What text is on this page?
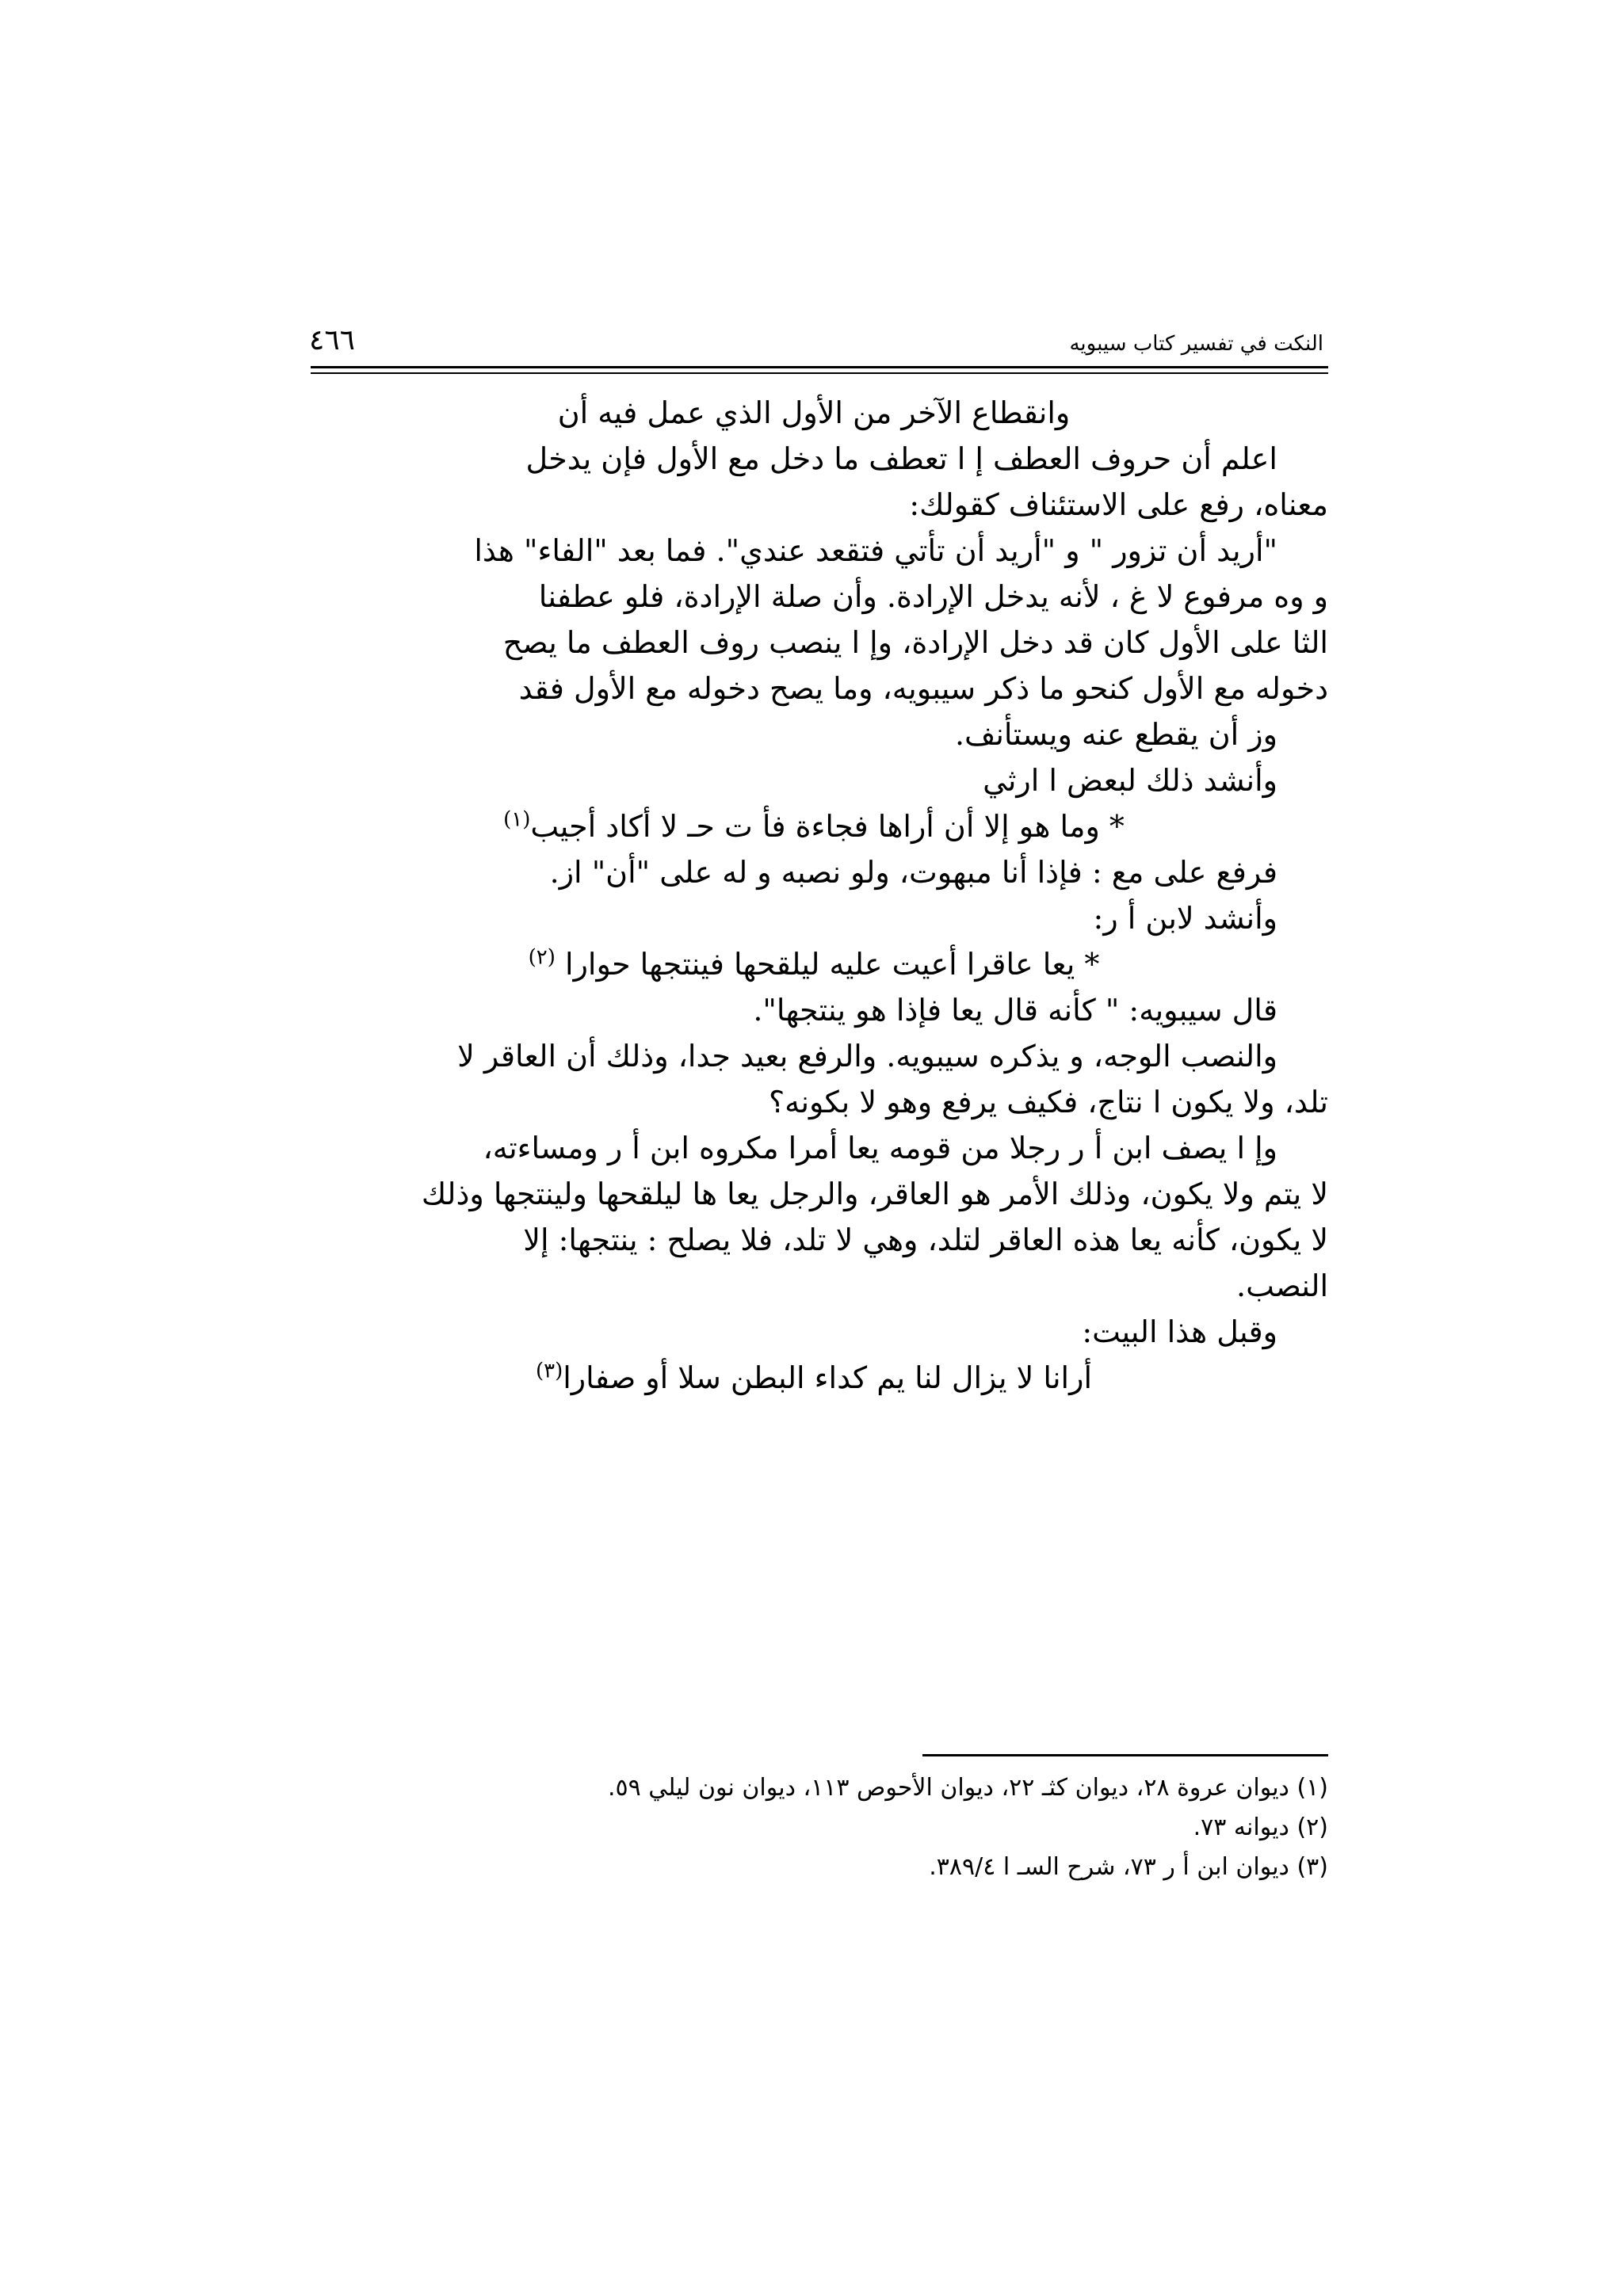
النكت في تفسير كتاب سيبويه
٤٦٦

وانقطاع الآخر من الأول الذي عمل فيه أن

اعلم أن حروف العطف إ ا تعطف ما دخل مع الأول فإن يدخل

معناه، رفع على الاستئناف كقولك:

"أريد أن تزور " و "أريد أن تأتي فتقعد عندي". فما بعد "الفاء" هذا

و وه مرفوع لا غ ، لأنه يدخل الإرادة. وأن صلة الإرادة، فلو عطفنا

الثا على الأول كان قد دخل الإرادة، وإ ا ينصب روف العطف ما يصح

دخوله مع الأول كنحو ما ذكر سيبويه، وما يصح دخوله مع الأول فقد

وز أن يقطع عنه ويستأنف.

وأنشد ذلك لبعض ا ارثي

* وما هو إلا أن أراها فجاءة فأ ت حـ لا أكاد أجيب$^{(١)}$

فرفع على مع : فإذا أنا مبهوت، ولو نصبه و له على "أن" از.

وأنشد لابن أ ر:

* يعا عاقرا أعيت عليه ليلقحها فينتجها حوارا $^{(٢)}$

قال سيبويه: " كأنه قال يعا فإذا هو ينتجها".

والنصب الوجه، و يذكره سيبويه. والرفع بعيد جدا، وذلك أن العاقر لا

تلد، ولا يكون ا نتاج، فكيف يرفع وهو لا بكونه؟

وإ ا يصف ابن أ ر رجلا من قومه يعا أمرا مكروه ابن أ ر ومساءته،

لا يتم ولا يكون، وذلك الأمر هو العاقر، والرجل يعا ها ليلقحها ولينتجها وذلك

لا يكون، كأنه يعا هذه العاقر لتلد، وهي لا تلد، فلا يصلح : ينتجها: إلا

النصب.

وقبل هذا البيت:

أرانا لا يزال لنا يم كداء البطن سلا أو صفارا$^{(٣)}$

(١) ديوان عروة ٢٨، ديوان كثـ ٢٢، ديوان الأحوص ١١٣، ديوان نون ليلي ٥٩.

(٢) ديوانه ٧٣.

(٣) ديوان ابن أ ر ٧٣، شرح السـ ا ٣٨٩/٤.
